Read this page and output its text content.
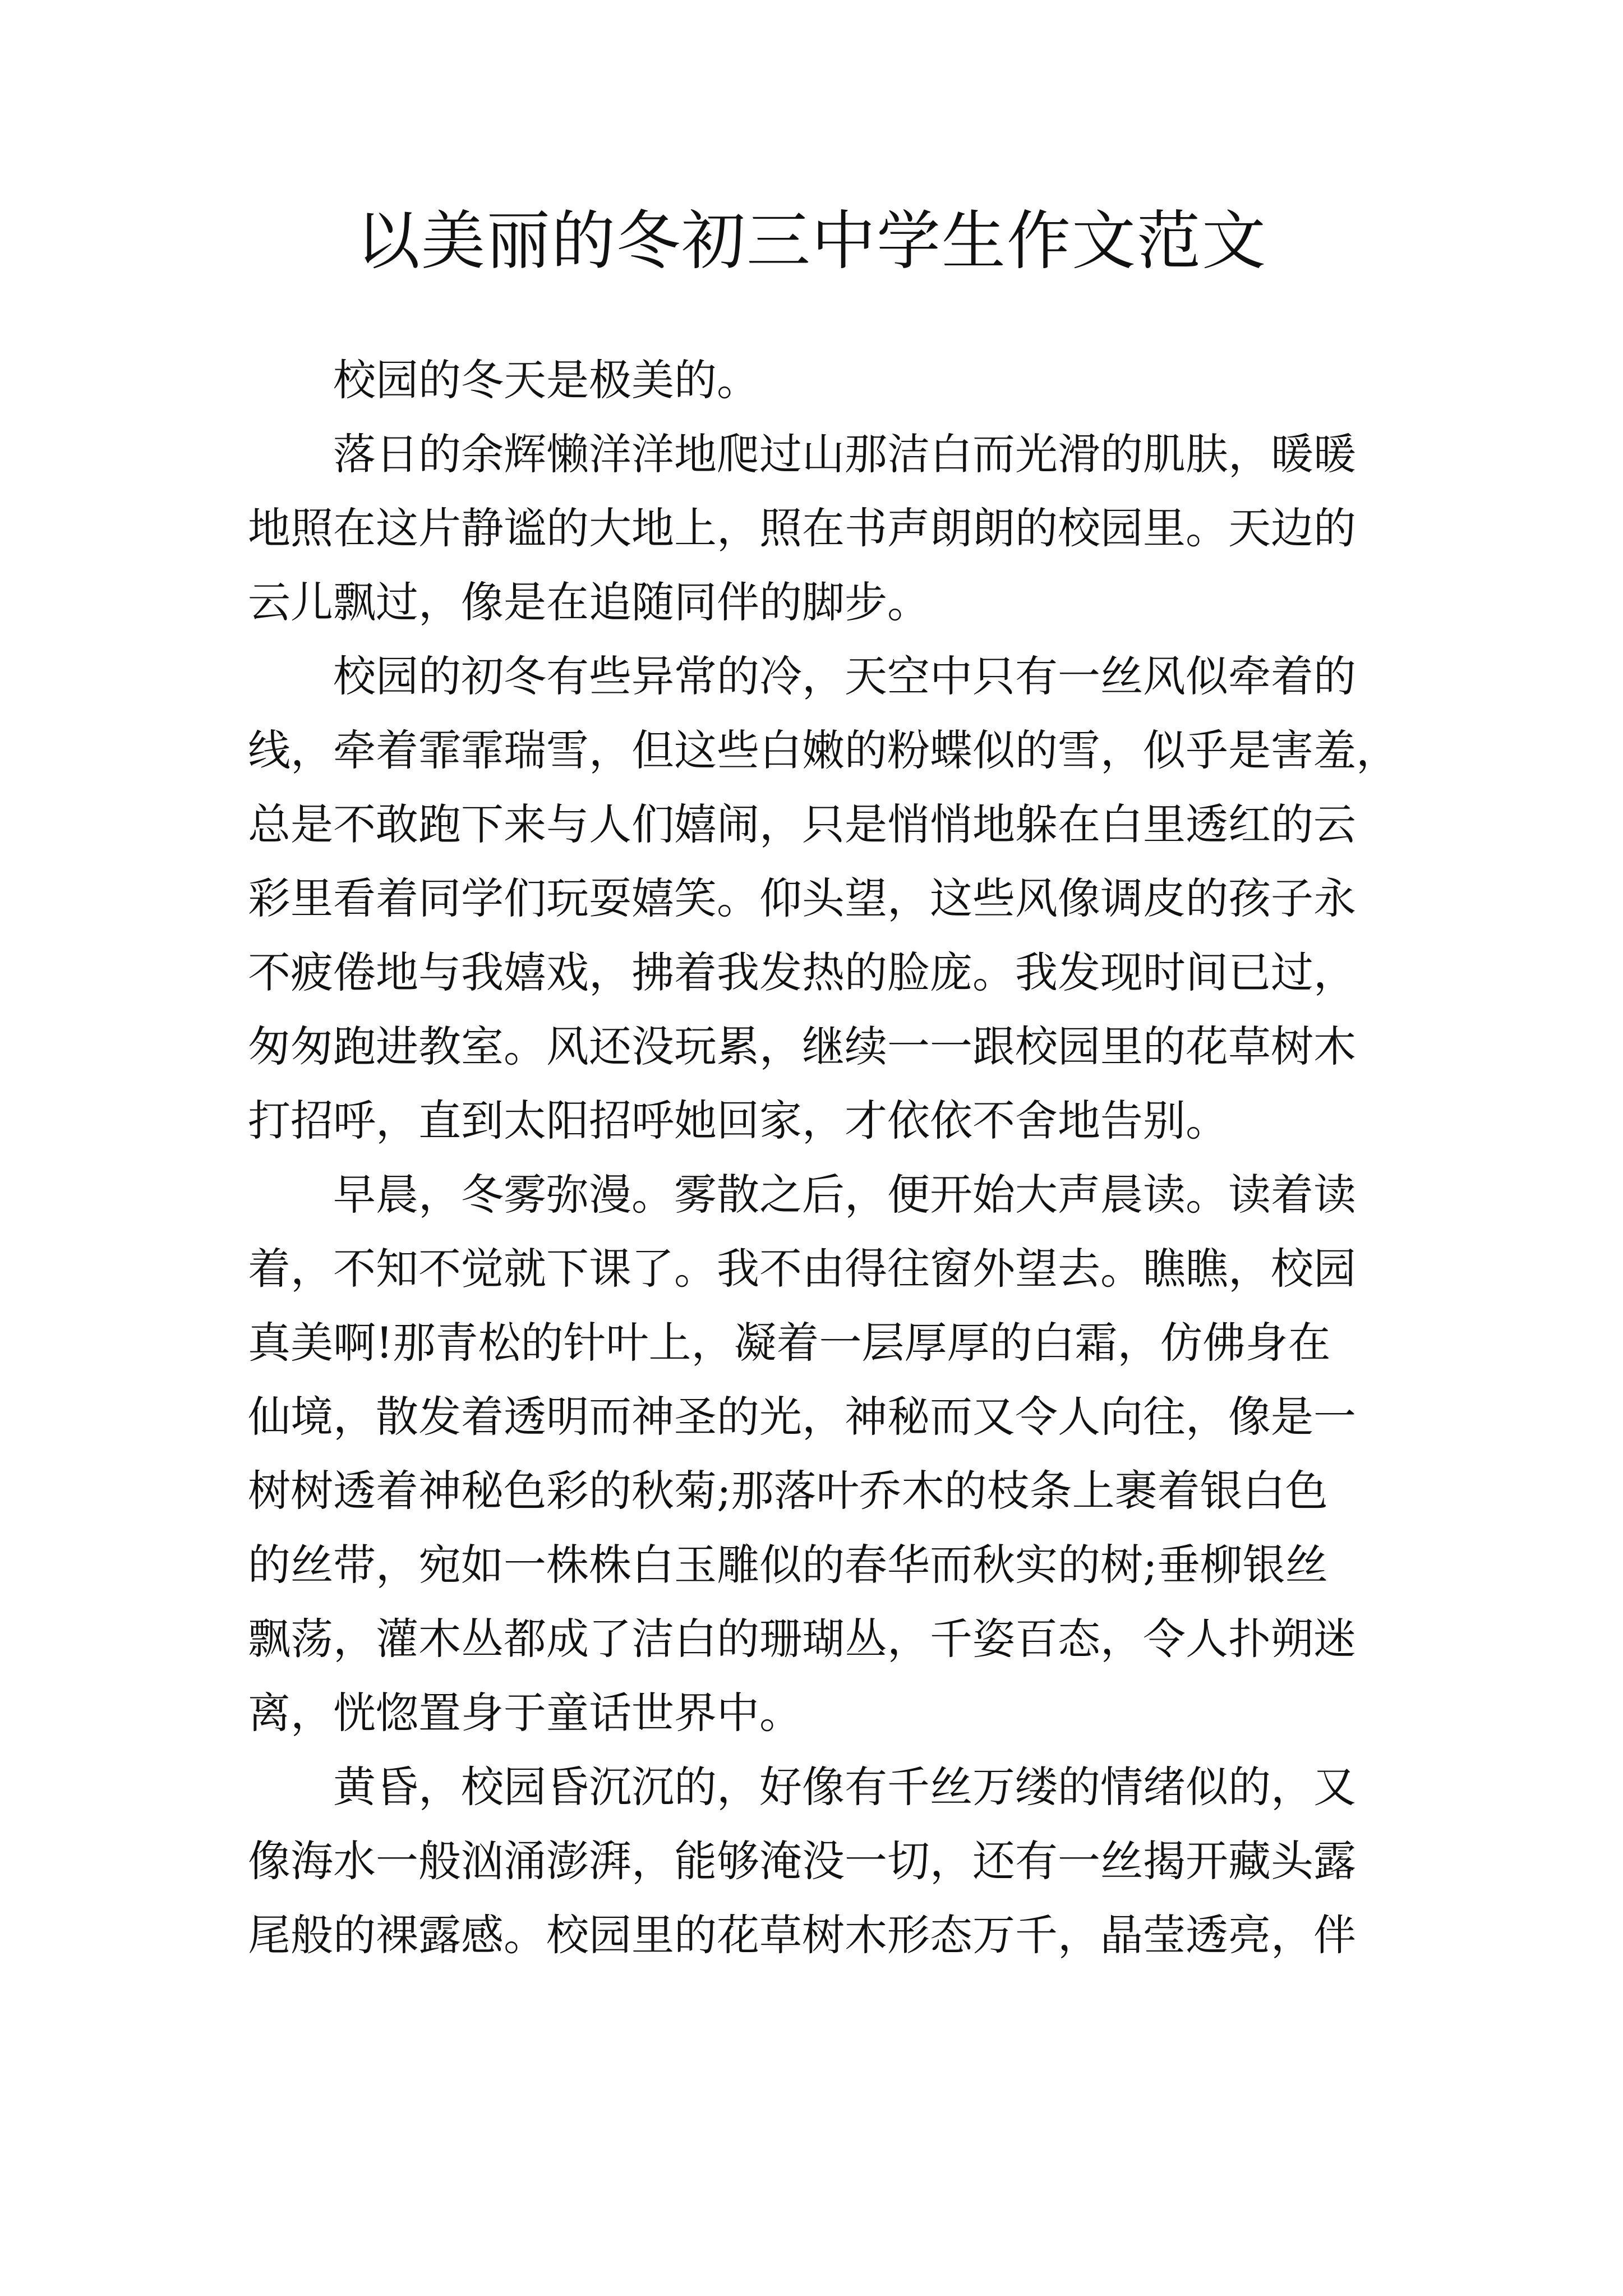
以美丽的冬初三中学生作文范文

校园的冬天是极美的。

落日的余辉懒洋洋地爬过山那洁白而光滑的肌肤，暖暖

地照在这片静谧的大地上，照在书声朗朗的校园里。天边的

云儿飘过，像是在追随同伴的脚步。

校园的初冬有些异常的冷，天空中只有一丝风似牵着的

线，牵着霏霏瑞雪，但这些白嫩的粉蝶似的雪，似乎是害羞，

总是不敢跑下来与人们嬉闹，只是悄悄地躲在白里透红的云

彩里看着同学们玩耍嬉笑。仰头望，这些风像调皮的孩子永

不疲倦地与我嬉戏，拂着我发热的脸庞。我发现时间已过，

匆匆跑进教室。风还没玩累，继续一一跟校园里的花草树木

打招呼，直到太阳招呼她回家，才依依不舍地告别。

早晨，冬雾弥漫。雾散之后，便开始大声晨读。读着读

着，不知不觉就下课了。我不由得往窗外望去。瞧瞧，校园

真美啊!那青松的针叶上，凝着一层厚厚的白霜，仿佛身在

仙境，散发着透明而神圣的光，神秘而又令人向往，像是一

树树透着神秘色彩的秋菊;那落叶乔木的枝条上裹着银白色

的丝带，宛如一株株白玉雕似的春华而秋实的树;垂柳银丝

飘荡，灌木丛都成了洁白的珊瑚丛，千姿百态，令人扑朔迷

离，恍惚置身于童话世界中。

黄昏，校园昏沉沉的，好像有千丝万缕的情绪似的，又

像海水一般汹涌澎湃，能够淹没一切，还有一丝揭开藏头露

尾般的裸露感。校园里的花草树木形态万千，晶莹透亮，伴
